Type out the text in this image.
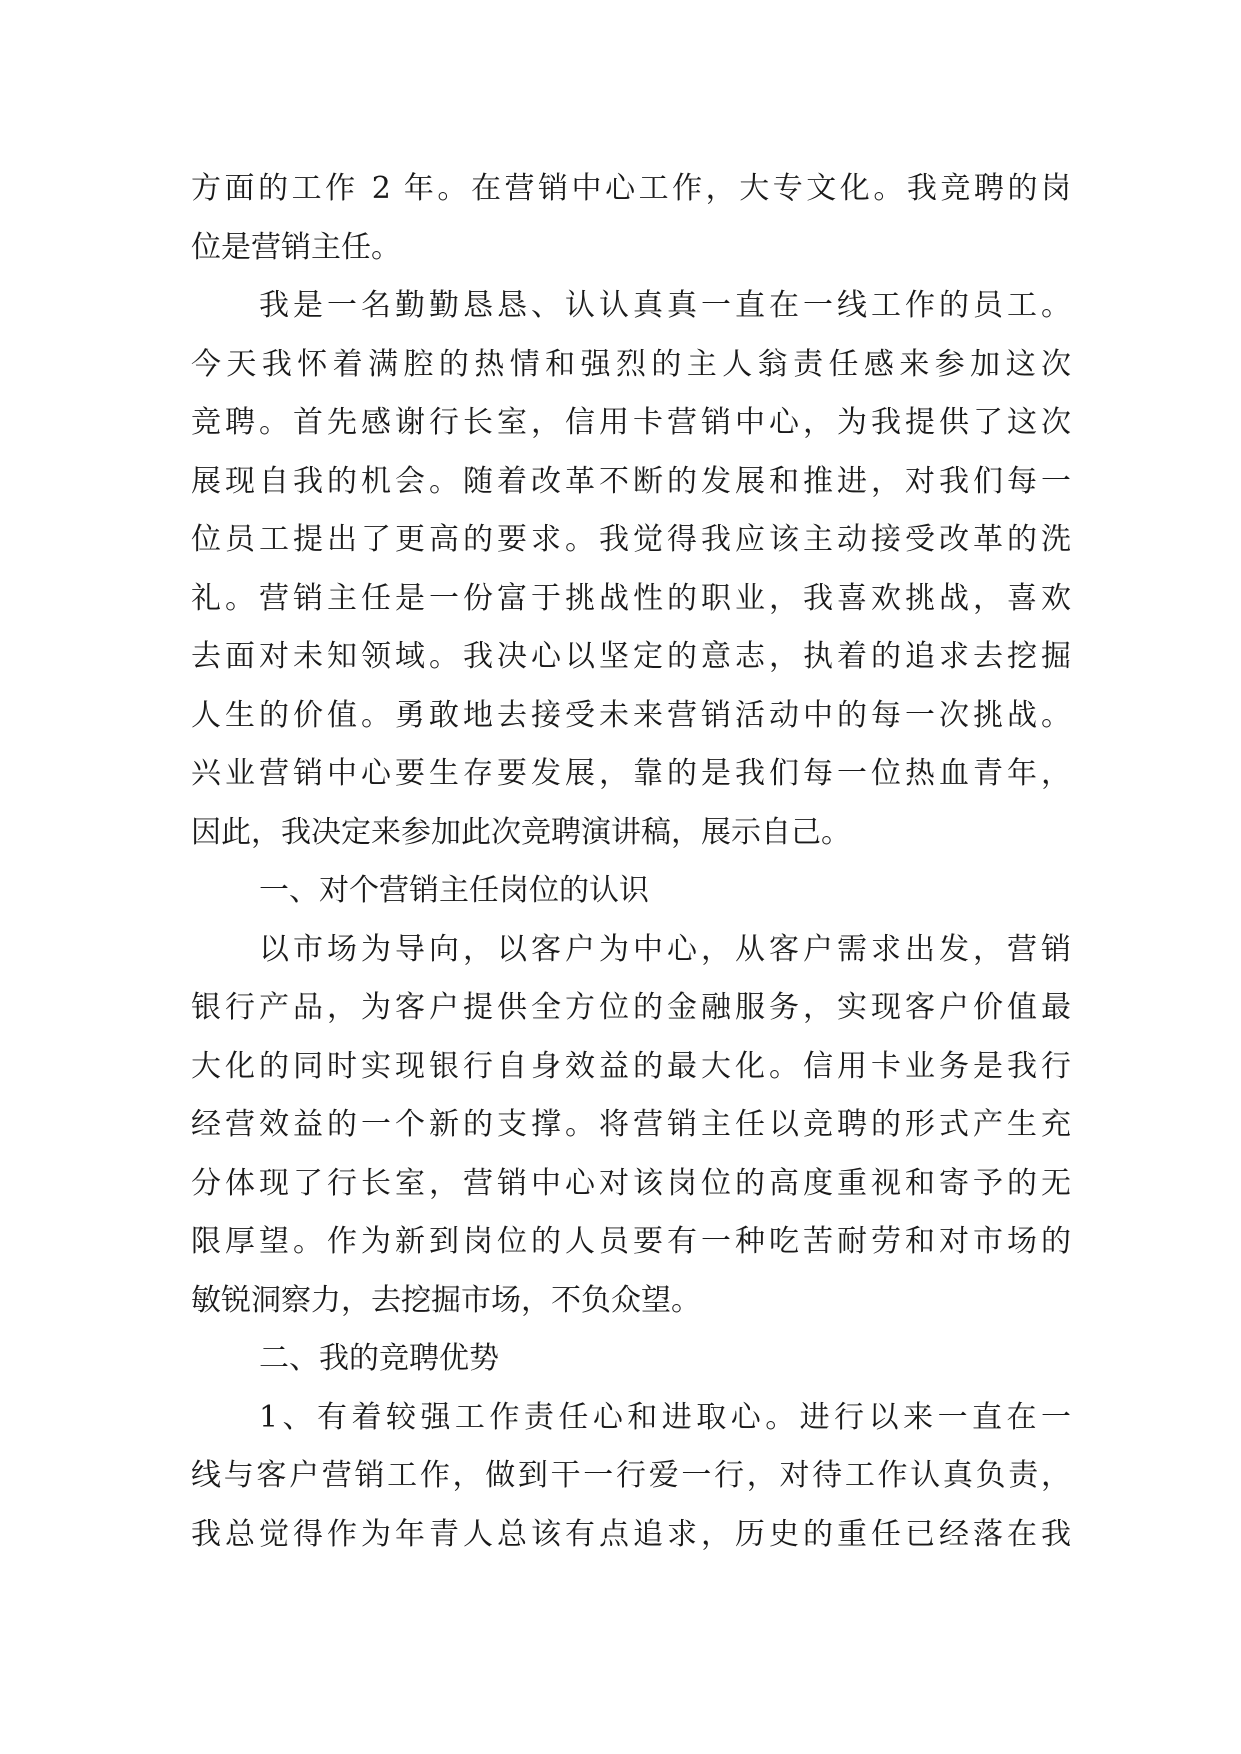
方面的工作 2 年。在营销中心工作，大专文化。我竞聘的岗
位是营销主任。
我是一名勤勤恳恳、认认真真一直在一线工作的员工。
今天我怀着满腔的热情和强烈的主人翁责任感来参加这次
竞聘。首先感谢行长室，信用卡营销中心，为我提供了这次
展现自我的机会。随着改革不断的发展和推进，对我们每一
位员工提出了更高的要求。我觉得我应该主动接受改革的洗
礼。营销主任是一份富于挑战性的职业，我喜欢挑战，喜欢
去面对未知领域。我决心以坚定的意志，执着的追求去挖掘
人生的价值。勇敢地去接受未来营销活动中的每一次挑战。
兴业营销中心要生存要发展，靠的是我们每一位热血青年，
因此，我决定来参加此次竞聘演讲稿，展示自己。
一、对个营销主任岗位的认识
以市场为导向，以客户为中心，从客户需求出发，营销
银行产品，为客户提供全方位的金融服务，实现客户价值最
大化的同时实现银行自身效益的最大化。信用卡业务是我行
经营效益的一个新的支撑。将营销主任以竞聘的形式产生充
分体现了行长室，营销中心对该岗位的高度重视和寄予的无
限厚望。作为新到岗位的人员要有一种吃苦耐劳和对市场的
敏锐洞察力，去挖掘市场，不负众望。
二、我的竞聘优势
1、有着较强工作责任心和进取心。进行以来一直在一
线与客户营销工作，做到干一行爱一行，对待工作认真负责，
我总觉得作为年青人总该有点追求，历史的重任已经落在我
